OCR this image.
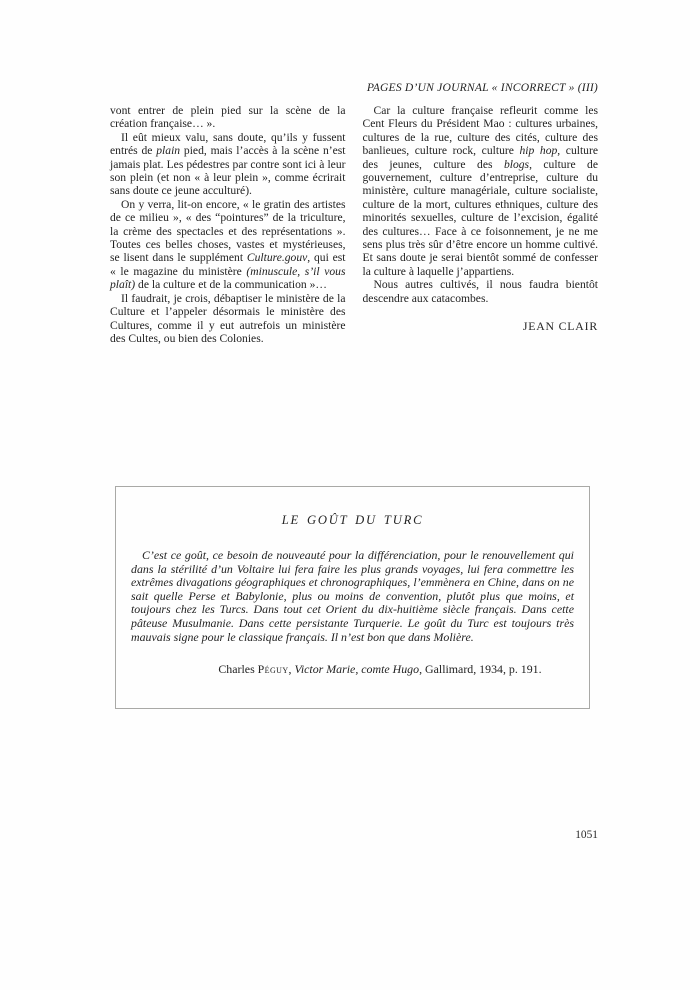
PAGES D’UN JOURNAL « INCORRECT » (III)

vont entrer de plein pied sur la scène de la création française… ».

Il eût mieux valu, sans doute, qu’ils y fussent entrés de plain pied, mais l’accès à la scène n’est jamais plat. Les pédestres par contre sont ici à leur son plein (et non « à leur plein », comme écrirait sans doute ce jeune acculturé).

On y verra, lit-on encore, « le gratin des artistes de ce milieu », « des “pointures” de la triculture, la crème des spectacles et des représentations ». Toutes ces belles choses, vastes et mystérieuses, se lisent dans le supplément Culture.gouv, qui est « le magazine du ministère (minuscule, s’il vous plaît) de la culture et de la communication »…

Il faudrait, je crois, débaptiser le ministère de la Culture et l’appeler désormais le ministère des Cultures, comme il y eut autrefois un ministère des Cultes, ou bien des Colonies.

Car la culture française refleurit comme les Cent Fleurs du Président Mao : cultures urbaines, cultures de la rue, culture des cités, culture des banlieues, culture rock, culture hip hop, culture des jeunes, culture des blogs, culture de gouvernement, culture d’entreprise, culture du ministère, culture managériale, culture socialiste, culture de la mort, cultures ethniques, culture des minorités sexuelles, culture de l’excision, égalité des cultures… Face à ce foisonnement, je ne me sens plus très sûr d’être encore un homme cultivé. Et sans doute je serai bientôt sommé de confesser la culture à laquelle j’appartiens.

Nous autres cultivés, il nous faudra bientôt descendre aux catacombes.

JEAN CLAIR
LE GOÛT DU TURC

C’est ce goût, ce besoin de nouveauté pour la différenciation, pour le renouvellement qui dans la stérilité d’un Voltaire lui fera faire les plus grands voyages, lui fera commettre les extrêmes divagations géographiques et chronographiques, l’emmènera en Chine, dans on ne sait quelle Perse et Babylonie, plus ou moins de convention, plutôt plus que moins, et toujours chez les Turcs. Dans tout cet Orient du dix-huitième siècle français. Dans cette pâteuse Musulmanie. Dans cette persistante Turquerie. Le goût du Turc est toujours très mauvais signe pour le classique français. Il n’est bon que dans Molière.

Charles Péguy, Victor Marie, comte Hugo, Gallimard, 1934, p. 191.
1051
